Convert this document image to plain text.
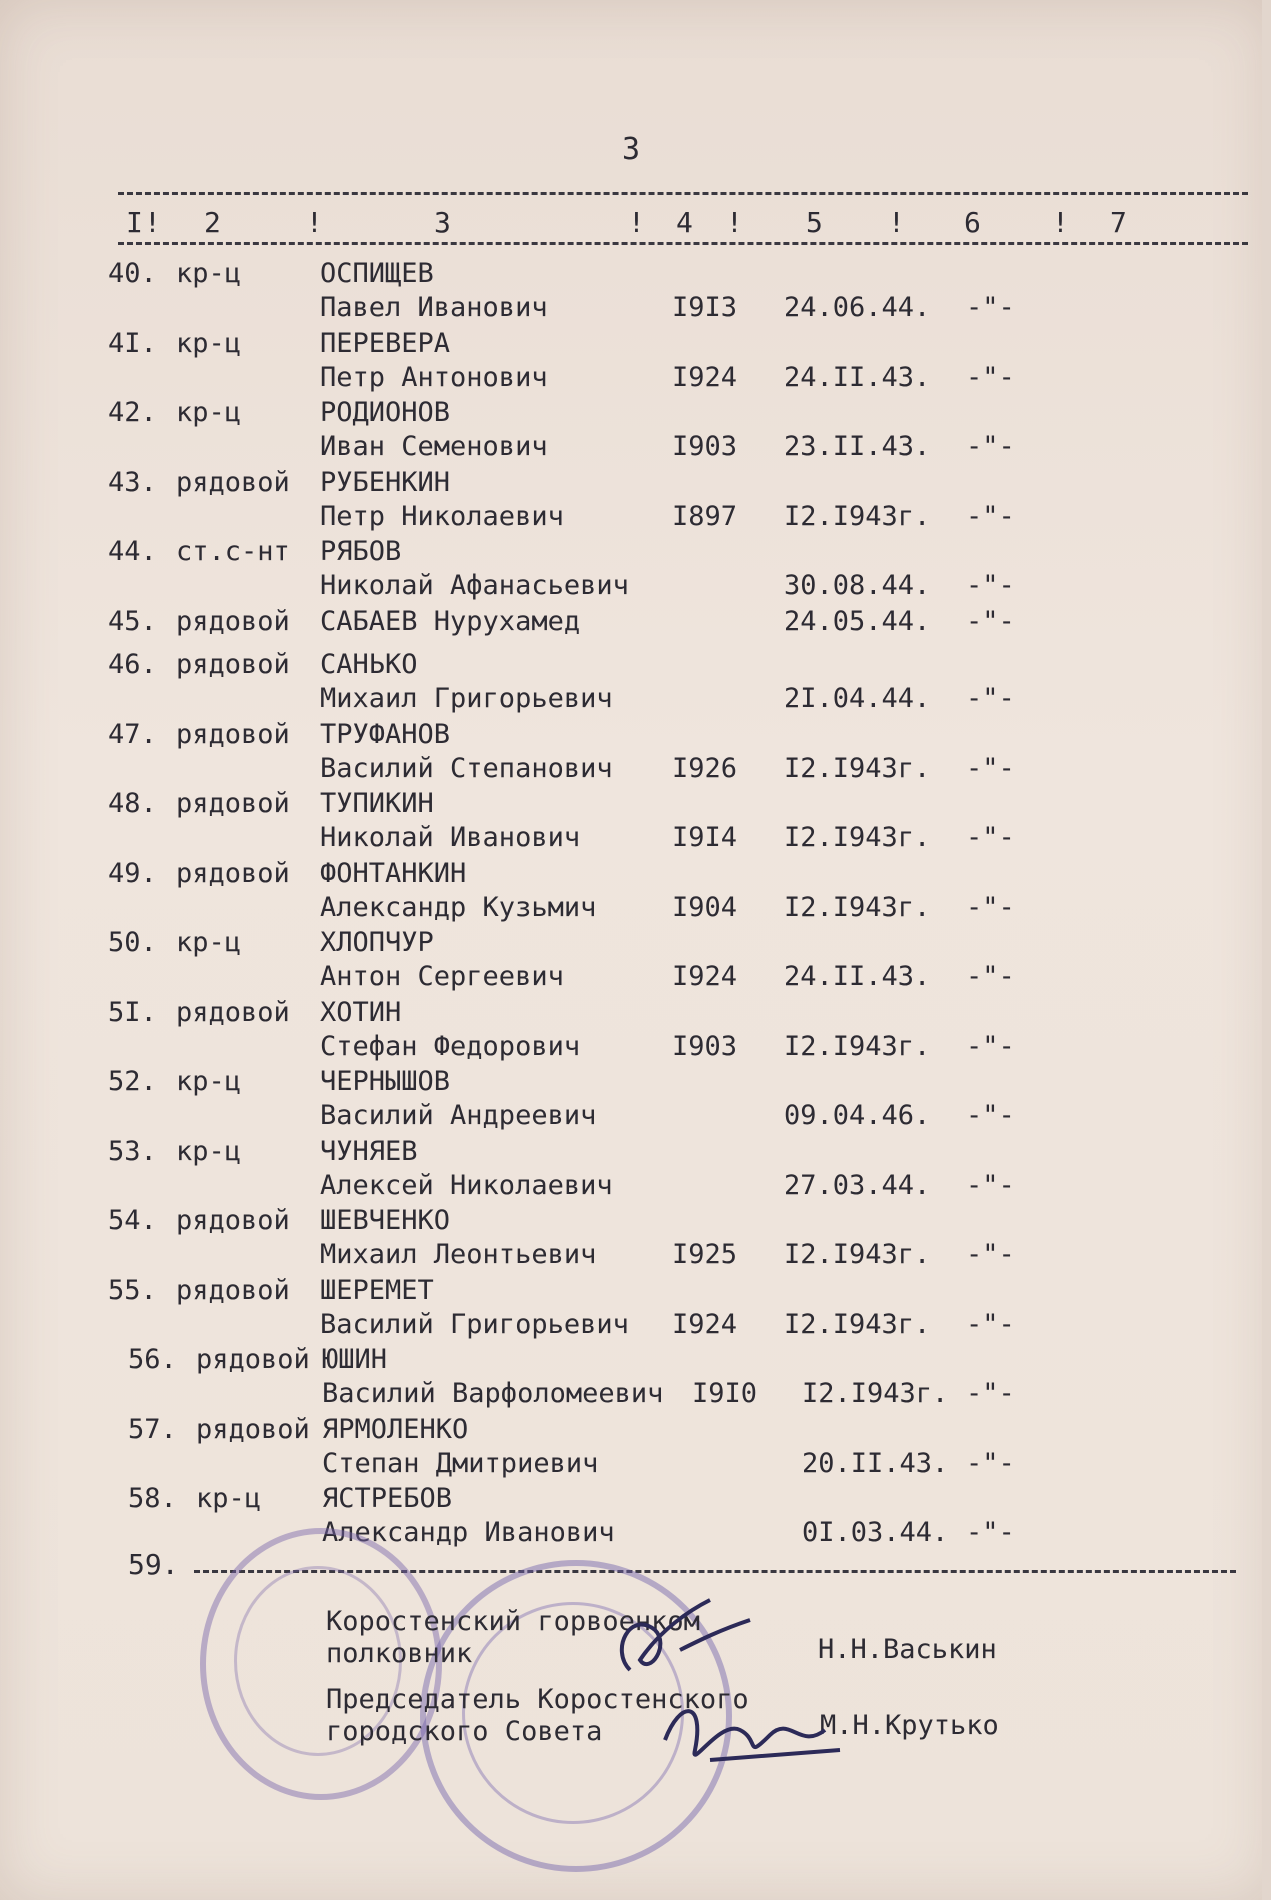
3
I ! 2	!	3	! 4 ! 5 ! 6	! 7
40. кр-ц	ОСПИЩЕВ
Павел Иванович	I9I3 24.06.44. -"-
4I. кр-ц	ПЕРЕВЕРА
Петр Антонович	I924 24.II.43. -"-
42. кр-ц	РОДИОНОВ
Иван Семенович	I903 23.II.43. -"-
43. рядовой РУБЕНКИН
Петр Николаевич	I897 I2.I943г. -"-
44. ст.с-нт РЯБОВ
Николай Афанасьевич	30.08.44. -"-
45. рядовой САБАЕВ Нурухамед	24.05.44. -"-
46. рядовой САНЬКО
Михаил Григорьевич	2I.04.44. -"-
47. рядовой ТРУФАНОВ
Василий Степанович I926 I2.I943г. -"-
48. рядовой ТУПИКИН
Николай Иванович	I9I4 I2.I943г. -"-
49. рядовой ФОНТАНКИН
Александр Кузьмич	I904 I2.I943г. -"-
50. кр-ц	ХЛОПЧУР
Антон Сергеевич	I924 24.II.43. -"-
5I. рядовой ХОТИН
Стефан Федорович	I903 I2.I943г. -"-
52. кр-ц	ЧЕРНЫШОВ
Василий Андреевич	09.04.46. -"-
53. кр-ц	ЧУНЯЕВ
Алексей Николаевич	27.03.44. -"-
54. рядовой ШЕВЧЕНКО
Михаил Леонтьевич	I925 I2.I943г. -"-
55. рядовой ШЕРЕМЕТ
Василий Григорьевич I924 I2.I943г. -"-
56. рядовой ЮШИН
Василий Варфоломеевич I9I0 I2.I943г. -"-
57. рядовой ЯРМОЛЕНКО
Степан Дмитриевич	20.II.43. -"-
58. кр-ц ЯСТРЕБОВ
Александр Иванович	0I.03.44. -"-
59.
Коростенский горвоенком
полковник	Н.Н.Васькин
Председатель Коростенского
городского Совета	М.Н.Крутько
